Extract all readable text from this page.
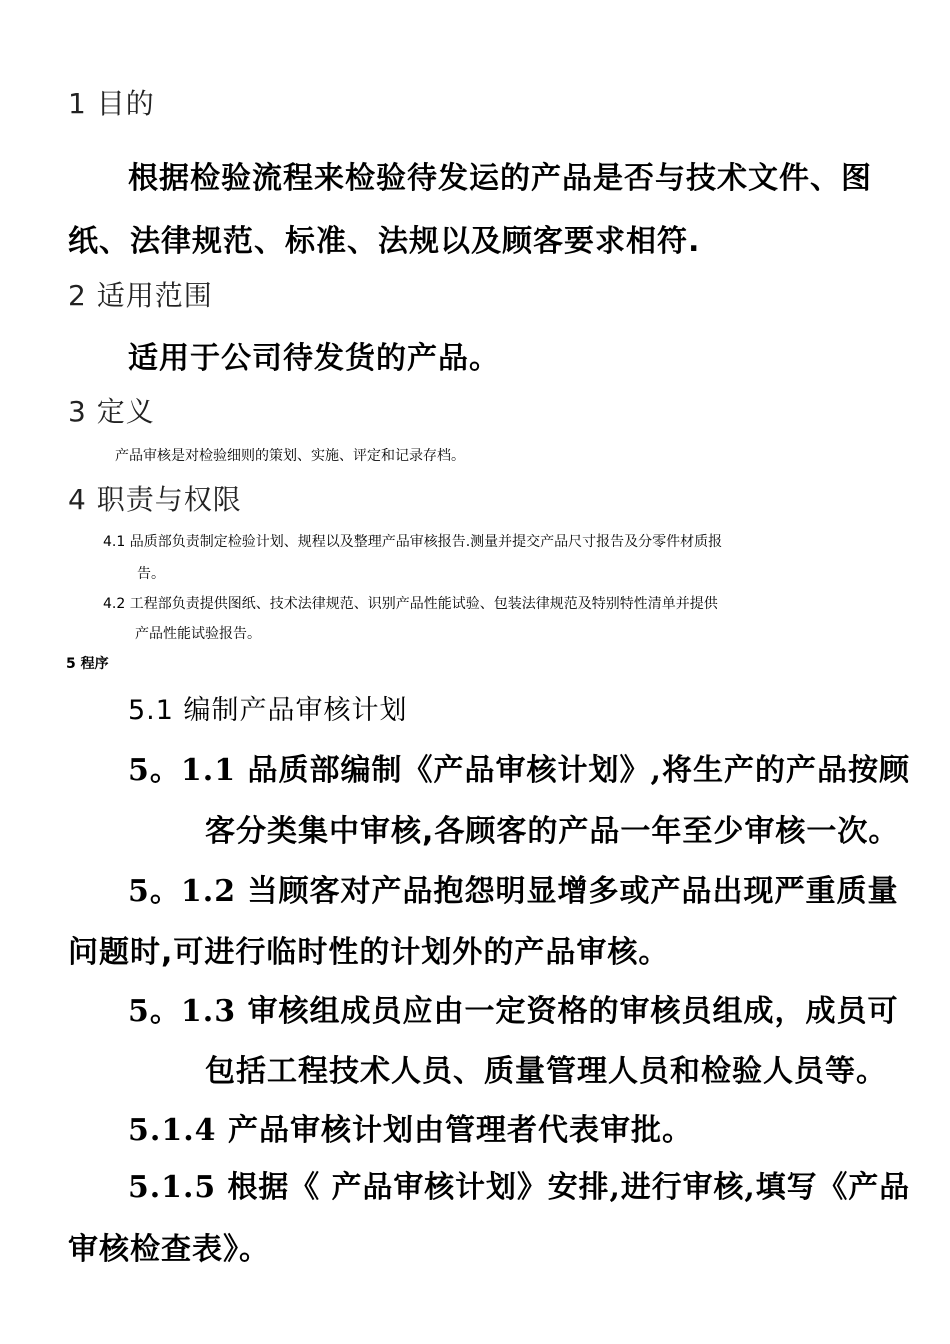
1 目的
根据检验流程来检验待发运的产品是否与技术文件、图
纸、法律规范、标准、法规以及顾客要求相符.
2 适用范围
适用于公司待发货的产品。
3 定义
产品审核是对检验细则的策划、实施、评定和记录存档。
4 职责与权限
4.1 品质部负责制定检验计划、规程以及整理产品审核报告.测量并提交产品尺寸报告及分零件材质报
告。
4.2 工程部负责提供图纸、技术法律规范、识别产品性能试验、包装法律规范及特别特性清单并提供
产品性能试验报告。
5 程序
5.1 编制产品审核计划
5。1.1 品质部编制《产品审核计划》,将生产的产品按顾
客分类集中审核,各顾客的产品一年至少审核一次。
5。1.2 当顾客对产品抱怨明显增多或产品出现严重质量
问题时,可进行临时性的计划外的产品审核。
5。1.3 审核组成员应由一定资格的审核员组成，成员可
包括工程技术人员、质量管理人员和检验人员等。
5.1.4 产品审核计划由管理者代表审批。
5.1.5 根据《 产品审核计划》安排,进行审核,填写《产品
审核检查表》。
